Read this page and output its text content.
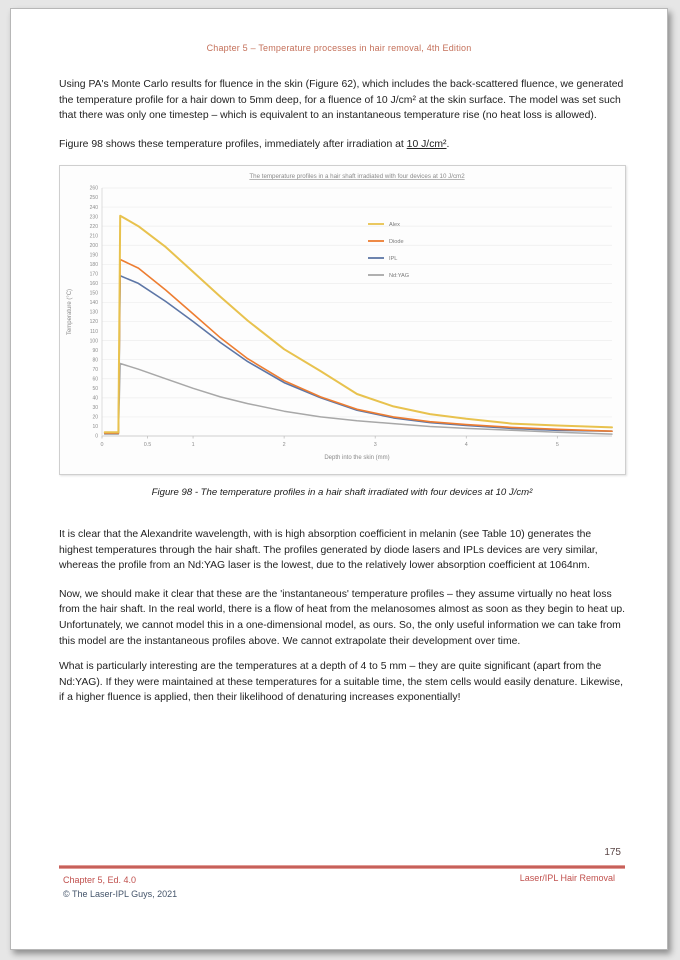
Chapter 5 – Temperature processes in hair removal, 4th Edition

Using PA's Monte Carlo results for fluence in the skin (Figure 62), which includes the back-scattered fluence, we generated the temperature profile for a hair down to 5mm deep, for a fluence of 10 J/cm² at the skin surface. The model was set such that there was only one timestep – which is equivalent to an instantaneous temperature rise (no heat loss is allowed).

Figure 98 shows these temperature profiles, immediately after irradiation at 10 J/cm².

0
10
20
30
40
50
60
70
80
90
100
110
120
130
140
150
160
170
180
190
200
210
220
230
240
250
260
0	0.5	1	2	3	4	5
Alex
Diode
IPL
Nd:YAG
The temperature profiles in a hair shaft irradiated with four devices at 10 J/cm2
Depth into the skin (mm)
Temperature (°C)
Figure 98 - The temperature profiles in a hair shaft irradiated with four devices at 10 J/cm²

It is clear that the Alexandrite wavelength, with is high absorption coefficient in melanin (see Table 10) generates the highest temperatures through the hair shaft. The profiles generated by diode lasers and IPLs devices are very similar, whereas the profile from an Nd:YAG laser is the lowest, due to the relatively lower absorption coefficient at 1064nm.

Now, we should make it clear that these are the 'instantaneous' temperature profiles – they assume virtually no heat loss from the hair shaft. In the real world, there is a flow of heat from the melanosomes almost as soon as they begin to heat up. Unfortunately, we cannot model this in a one-dimensional model, as ours. So, the only useful information we can take from this model are the instantaneous profiles above. We cannot extrapolate their development over time.

What is particularly interesting are the temperatures at a depth of 4 to 5 mm – they are quite significant (apart from the Nd:YAG). If they were maintained at these temperatures for a suitable time, the stem cells would easily denature. Likewise, if a higher fluence is applied, then their likelihood of denaturing increases exponentially!

175
Chapter 5, Ed. 4.0
© The Laser-IPL Guys, 2021
Laser/IPL Hair Removal
